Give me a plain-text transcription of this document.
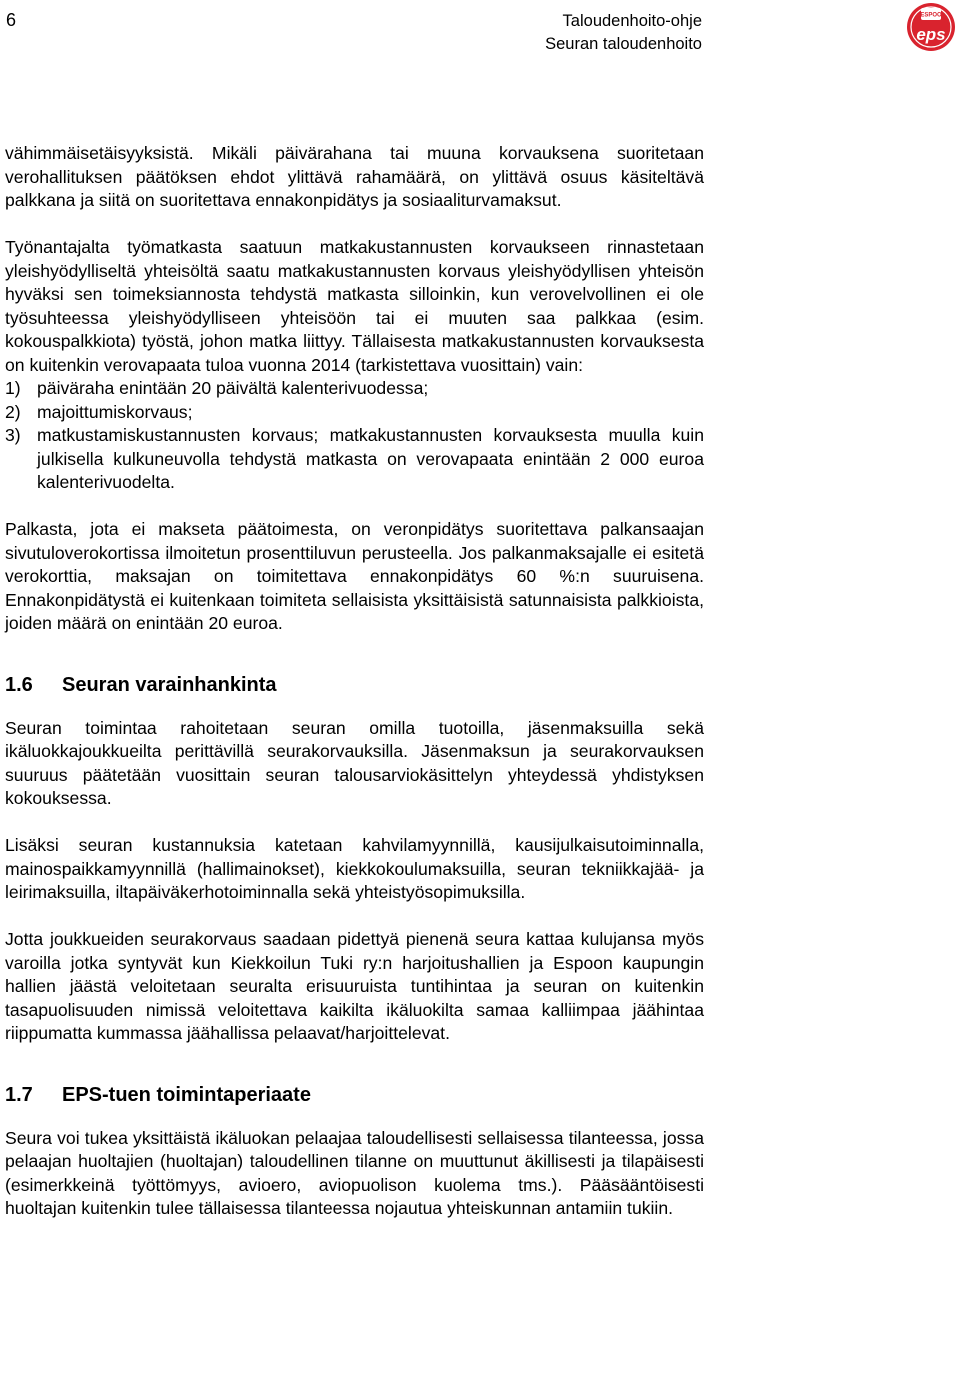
6	Taloudenhoito-ohje
Seuran taloudenhoito
ESPOO
eps

vähimmäisetäisyyksistä. Mikäli päivärahana tai muuna korvauksena suoritetaan verohallituksen päätöksen ehdot ylittävä rahamäärä, on ylittävä osuus käsiteltävä palkkana ja siitä on suoritettava ennakonpidätys ja sosiaaliturvamaksut.

Työnantajalta työmatkasta saatuun matkakustannusten korvaukseen rinnastetaan yleishyödylliseltä yhteisöltä saatu matkakustannusten korvaus yleishyödyllisen yhteisön hyväksi sen toimeksiannosta tehdystä matkasta silloinkin, kun verovelvollinen ei ole työsuhteessa yleishyödylliseen yhteisöön tai ei muuten saa palkkaa (esim. kokouspalkkiota) työstä, johon matka liittyy. Tällaisesta matkakustannusten korvauksesta on kuitenkin verovapaata tuloa vuonna 2014 (tarkistettava vuosittain) vain:
1) päiväraha enintään 20 päivältä kalenterivuodessa;
2) majoittumiskorvaus;
3) matkustamiskustannusten korvaus; matkakustannusten korvauksesta muulla kuin julkisella kulkuneuvolla tehdystä matkasta on verovapaata enintään 2 000 euroa kalenterivuodelta.

Palkasta, jota ei makseta päätoimesta, on veronpidätys suoritettava palkansaajan sivutuloverokortissa ilmoitetun prosenttiluvun perusteella. Jos palkanmaksajalle ei esitetä verokorttia, maksajan on toimitettava ennakonpidätys 60 %:n suuruisena. Ennakonpidätystä ei kuitenkaan toimiteta sellaisista yksittäisistä satunnaisista palkkioista, joiden määrä on enintään 20 euroa.

1.6 Seuran varainhankinta

Seuran toimintaa rahoitetaan seuran omilla tuotoilla, jäsenmaksuilla sekä ikäluokkajoukkueilta perittävillä seurakorvauksilla. Jäsenmaksun ja seurakorvauksen suuruus päätetään vuosittain seuran talousarviokäsittelyn yhteydessä yhdistyksen kokouksessa.

Lisäksi seuran kustannuksia katetaan kahvilamyynnillä, kausijulkaisutoiminnalla, mainospaikkamyynnillä (hallimainokset), kiekkokoulumaksuilla, seuran tekniikkajää- ja leirimaksuilla, iltapäiväkerhotoiminnalla sekä yhteistyösopimuksilla.

Jotta joukkueiden seurakorvaus saadaan pidettyä pienenä seura kattaa kulujansa myös varoilla jotka syntyvät kun Kiekkoilun Tuki ry:n harjoitushallien ja Espoon kaupungin hallien jäästä veloitetaan seuralta erisuuruista tuntihintaa ja seuran on kuitenkin tasapuolisuuden nimissä veloitettava kaikilta ikäluokilta samaa kalliimpaa jäähintaa riippumatta kummassa jäähallissa pelaavat/harjoittelevat.

1.7 EPS-tuen toimintaperiaate

Seura voi tukea yksittäistä ikäluokan pelaajaa taloudellisesti sellaisessa tilanteessa, jossa pelaajan huoltajien (huoltajan) taloudellinen tilanne on muuttunut äkillisesti ja tilapäisesti (esimerkkeinä työttömyys, avioero, aviopuolison kuolema tms.). Pääsääntöisesti huoltajan kuitenkin tulee tällaisessa tilanteessa nojautua yhteiskunnan antamiin tukiin.
